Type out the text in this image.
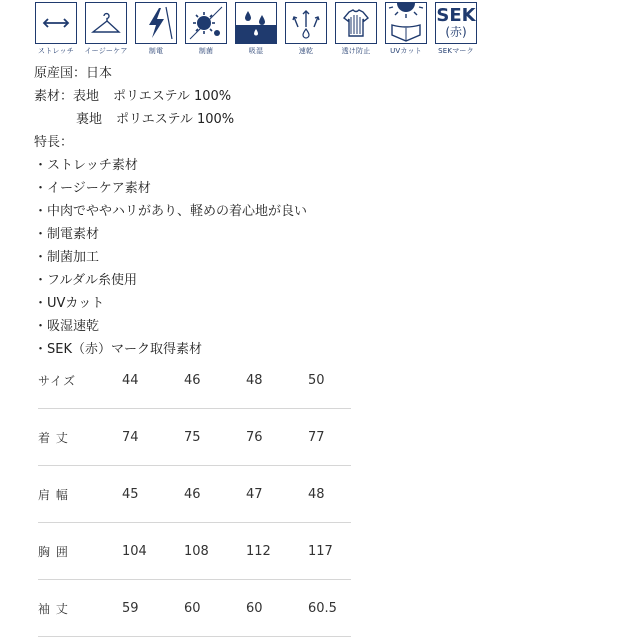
ストレッチ イージーケア	制電	制菌	吸湿	速乾	透け防止	UVカット
SEK
(赤)
SEKマーク
原産国：日本
素材：表地 ポリエステル 100%
裏地 ポリエステル 100%
特長：
・ストレッチ素材
・イージーケア素材
・中肉でややハリがあり、軽めの着心地が良い
・制電素材
・制菌加工
・フルダル糸使用
・UVカット
・吸湿速乾
・SEK（赤）マーク取得素材
サイズ	44	46	48	50
着 丈	74	75	76	77
肩 幅	45	46	47	48
胸 囲	104	108	112	117
袖 丈	59	60	60	60.5
